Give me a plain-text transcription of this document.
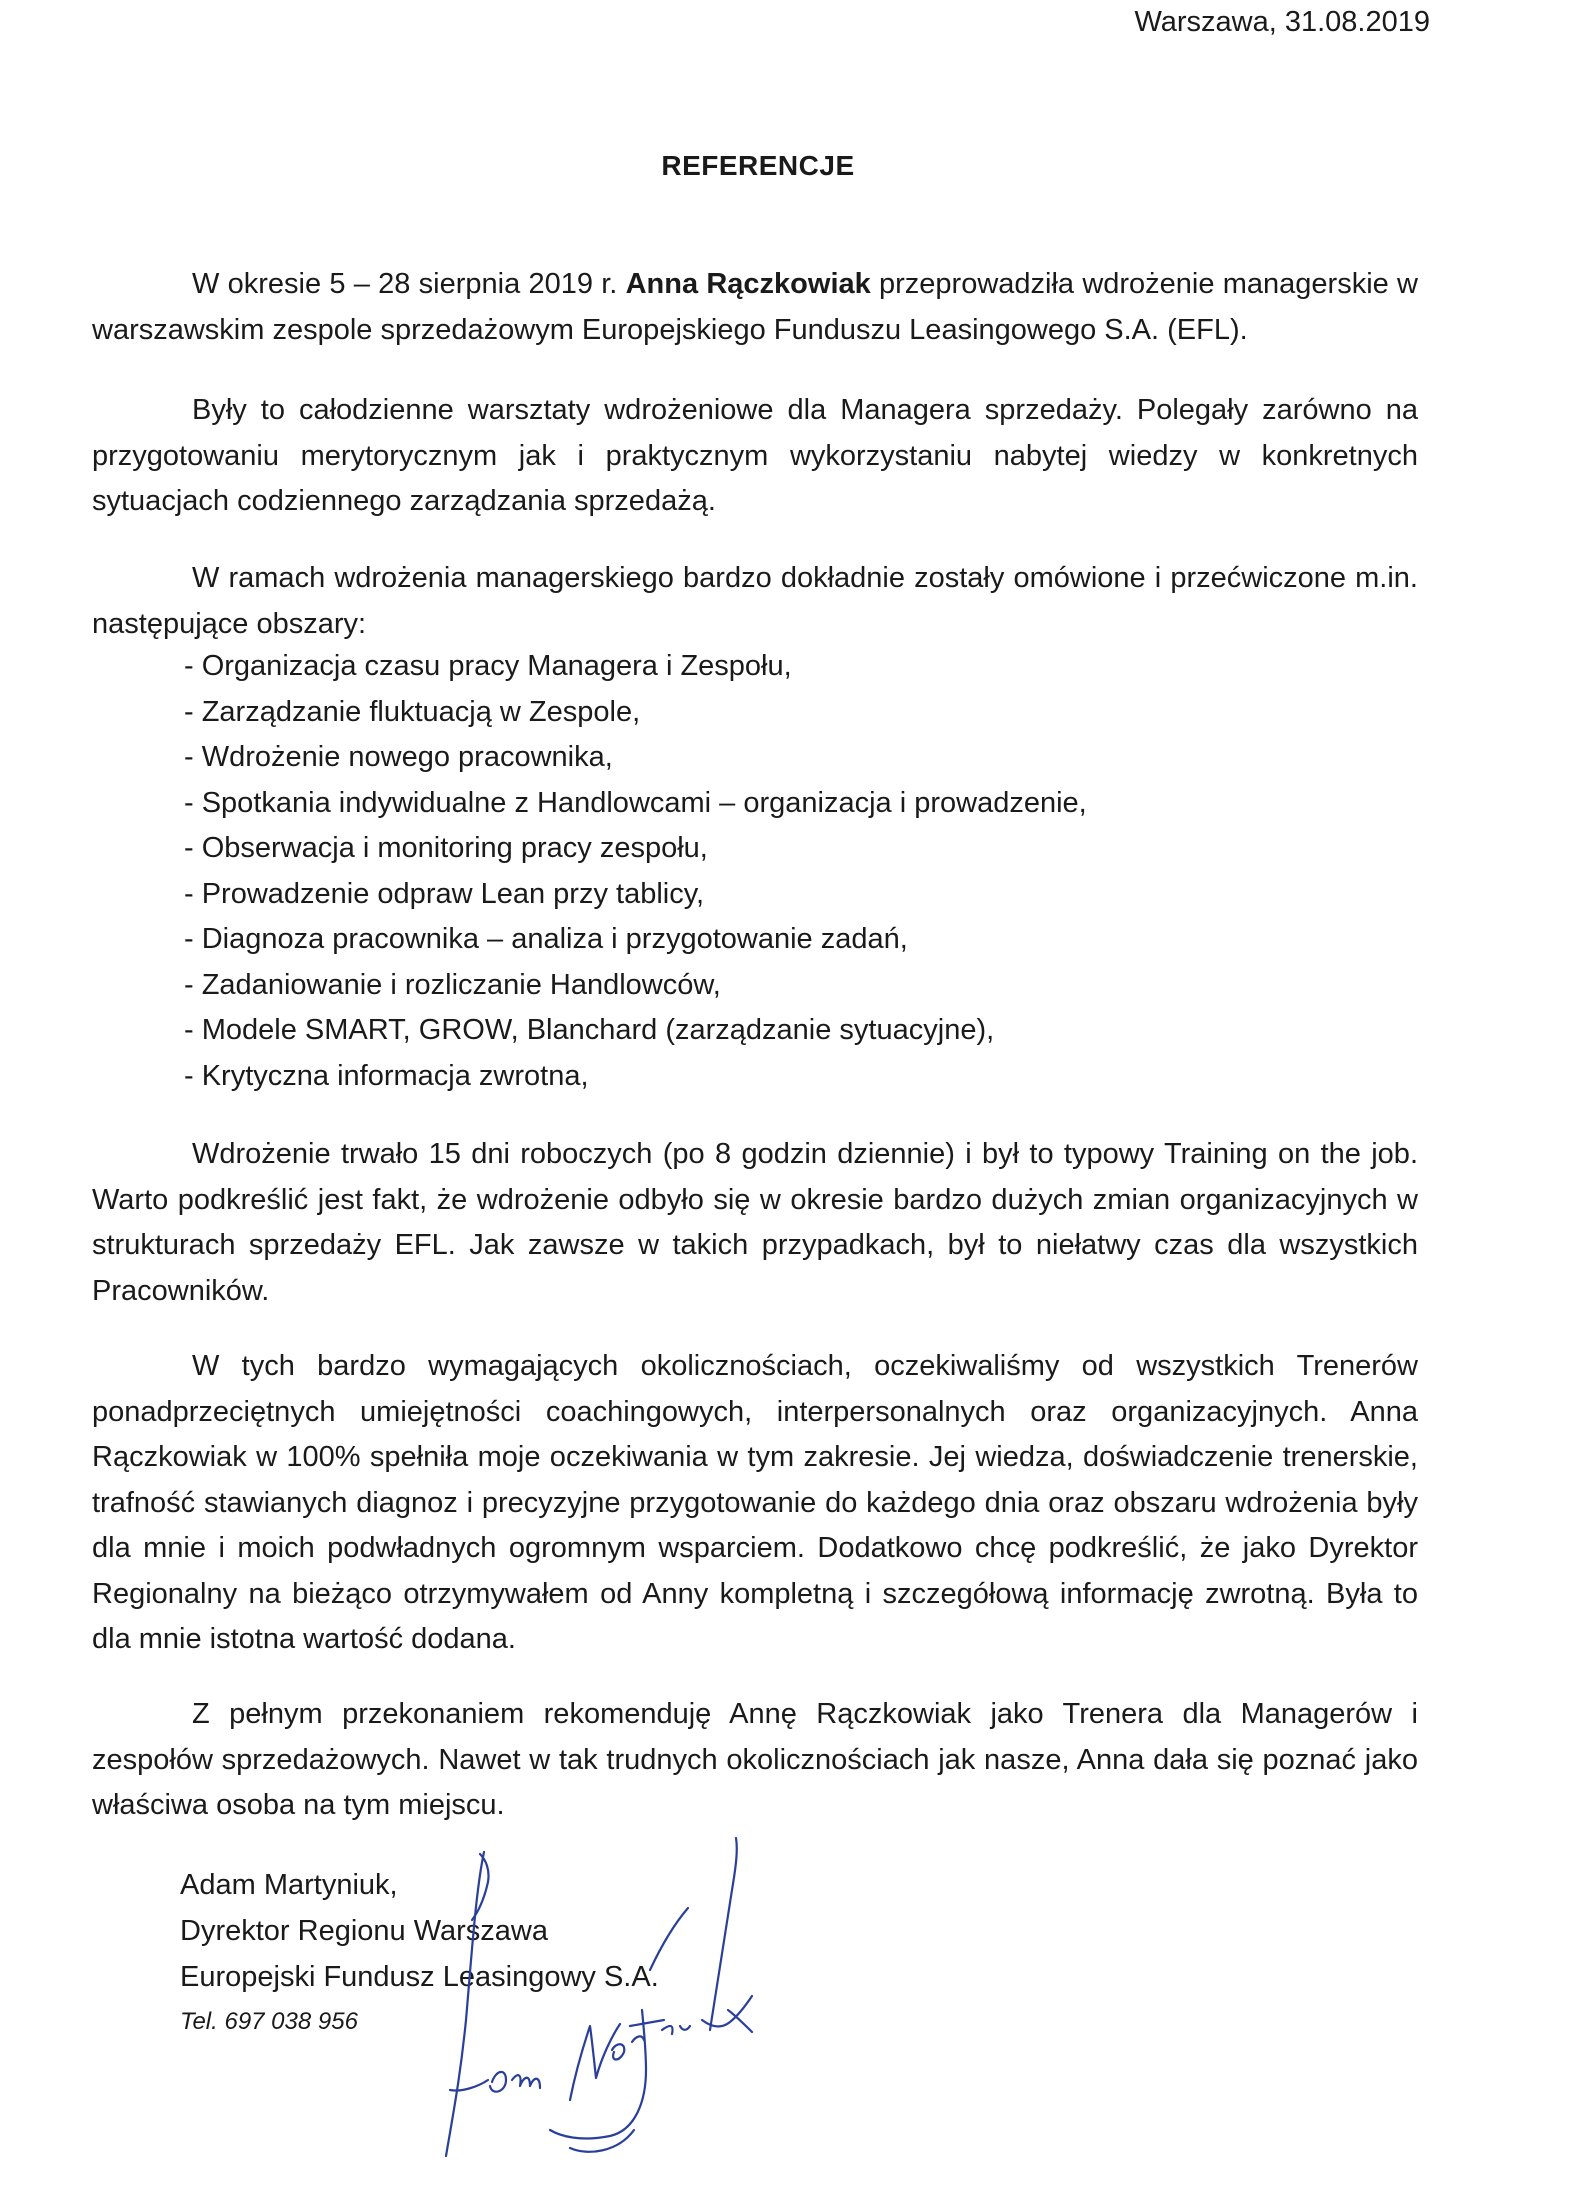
Warszawa, 31.08.2019
REFERENCJE
W okresie 5 – 28 sierpnia 2019 r. Anna Rączkowiak przeprowadziła wdrożenie managerskie w warszawskim zespole sprzedażowym Europejskiego Funduszu Leasingowego S.A. (EFL).
Były to całodzienne warsztaty wdrożeniowe dla Managera sprzedaży. Polegały zarówno na przygotowaniu merytorycznym jak i praktycznym wykorzystaniu nabytej wiedzy w konkretnych sytuacjach codziennego zarządzania sprzedażą.
W ramach wdrożenia managerskiego bardzo dokładnie zostały omówione i przećwiczone m.in. następujące obszary:
- Organizacja czasu pracy Managera i Zespołu,
- Zarządzanie fluktuacją w Zespole,
- Wdrożenie nowego pracownika,
- Spotkania indywidualne z Handlowcami – organizacja i prowadzenie,
- Obserwacja i monitoring pracy zespołu,
- Prowadzenie odpraw Lean przy tablicy,
- Diagnoza pracownika – analiza i przygotowanie zadań,
- Zadaniowanie i rozliczanie Handlowców,
- Modele SMART, GROW, Blanchard (zarządzanie sytuacyjne),
- Krytyczna informacja zwrotna,
Wdrożenie trwało 15 dni roboczych (po 8 godzin dziennie) i był to typowy Training on the job. Warto podkreślić jest fakt, że wdrożenie odbyło się w okresie bardzo dużych zmian organizacyjnych w strukturach sprzedaży EFL. Jak zawsze w takich przypadkach, był to niełatwy czas dla wszystkich Pracowników.
W tych bardzo wymagających okolicznościach, oczekiwaliśmy od wszystkich Trenerów ponadprzeciętnych umiejętności coachingowych, interpersonalnych oraz organizacyjnych. Anna Rączkowiak w 100% spełniła moje oczekiwania w tym zakresie. Jej wiedza, doświadczenie trenerskie, trafność stawianych diagnoz i precyzyjne przygotowanie do każdego dnia oraz obszaru wdrożenia były dla mnie i moich podwładnych ogromnym wsparciem. Dodatkowo chcę podkreślić, że jako Dyrektor Regionalny na bieżąco otrzymywałem od Anny kompletną i szczegółową informację zwrotną. Była to dla mnie istotna wartość dodana.
Z pełnym przekonaniem rekomenduję Annę Rączkowiak jako Trenera dla Managerów i zespołów sprzedażowych. Nawet w tak trudnych okolicznościach jak nasze, Anna dała się poznać jako właściwa osoba na tym miejscu.
Adam Martyniuk,
Dyrektor Regionu Warszawa
Europejski Fundusz Leasingowy S.A.
Tel. 697 038 956
